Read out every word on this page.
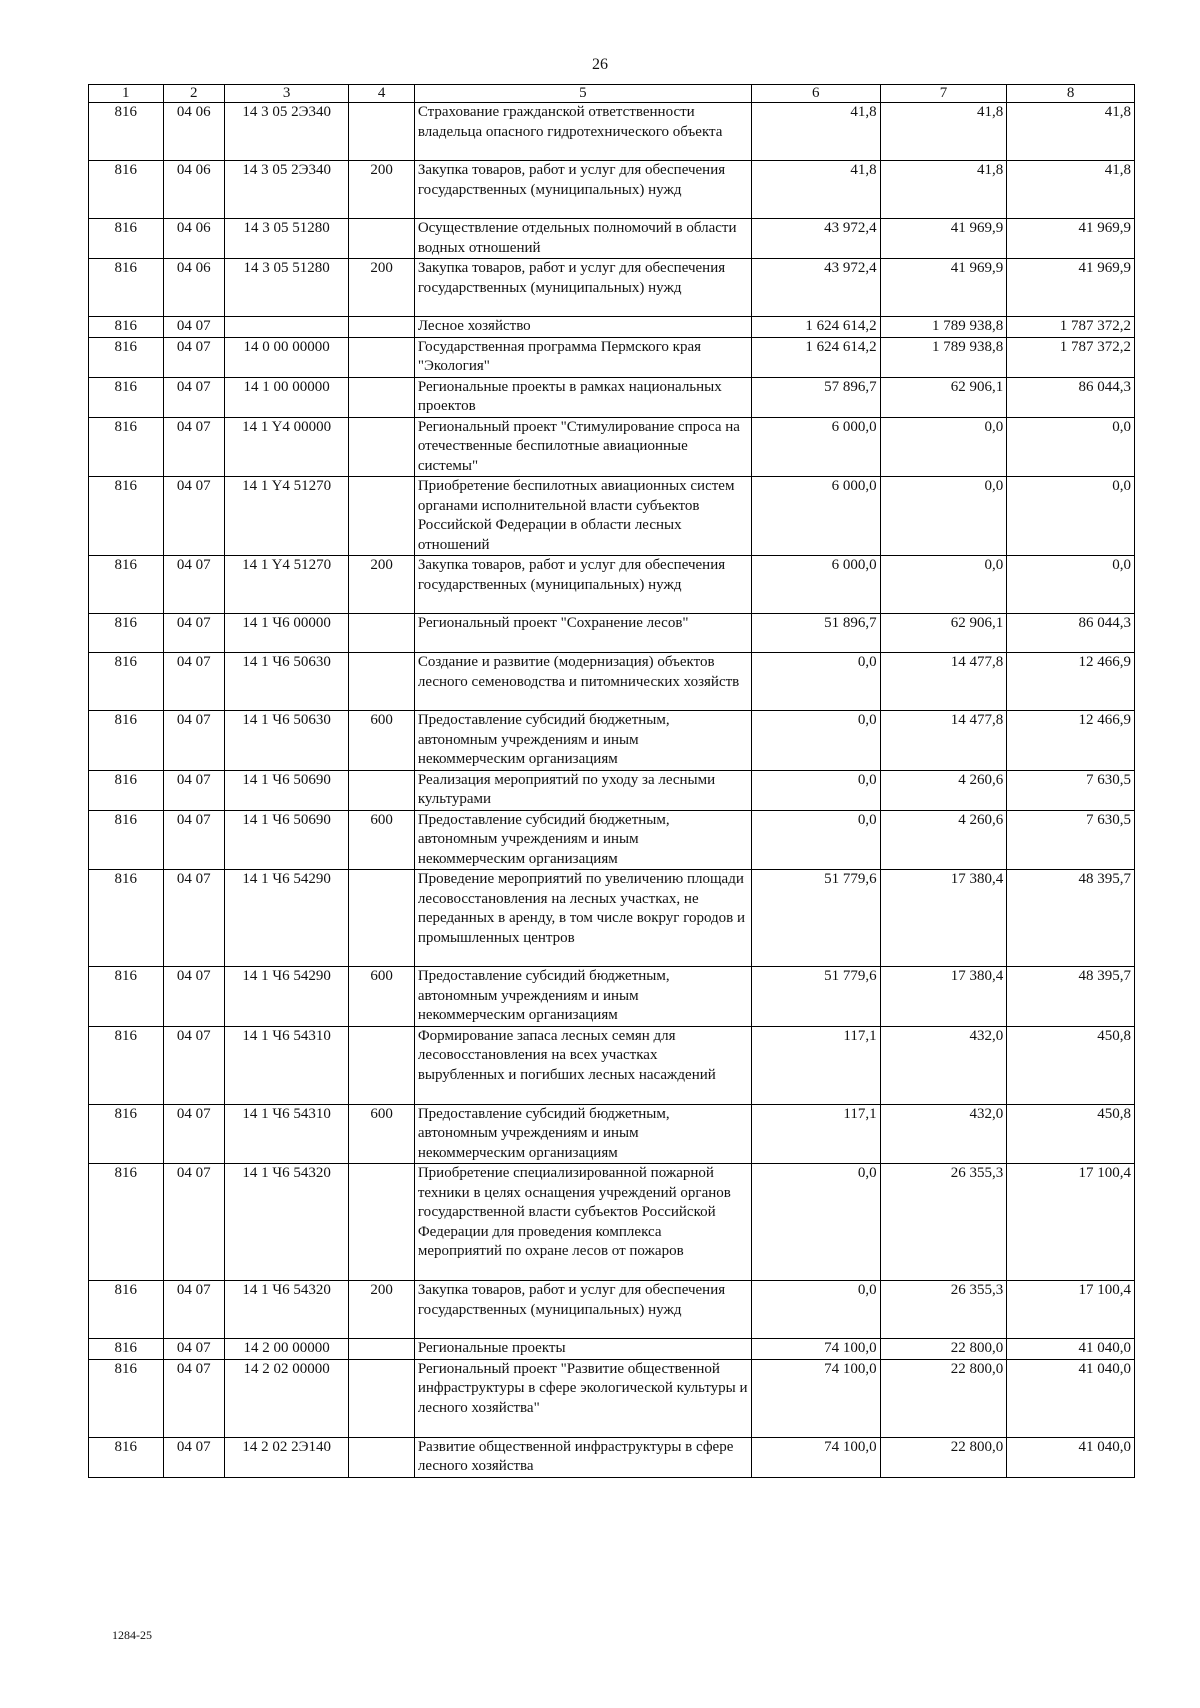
26
1	2	3	4	5	6	7	8
816	04 06	14 3 05 2Э340		Страхование гражданской ответственности владельца опасного гидротехнического объекта	41,8	41,8	41,8
816	04 06	14 3 05 2Э340	200	Закупка товаров, работ и услуг для обеспечения государственных (муниципальных) нужд	41,8	41,8	41,8
816	04 06	14 3 05 51280		Осуществление отдельных полномочий в области водных отношений	43 972,4	41 969,9	41 969,9
816	04 06	14 3 05 51280	200	Закупка товаров, работ и услуг для обеспечения государственных (муниципальных) нужд	43 972,4	41 969,9	41 969,9
816	04 07			Лесное хозяйство	1 624 614,2	1 789 938,8	1 787 372,2
816	04 07	14 0 00 00000		Государственная программа Пермского края "Экология"	1 624 614,2	1 789 938,8	1 787 372,2
816	04 07	14 1 00 00000		Региональные проекты в рамках национальных проектов	57 896,7	62 906,1	86 044,3
816	04 07	14 1 Y4 00000		Региональный проект "Стимулирование спроса на отечественные беспилотные авиационные системы"	6 000,0	0,0	0,0
816	04 07	14 1 Y4 51270		Приобретение беспилотных авиационных систем органами исполнительной власти субъектов Российской Федерации в области лесных отношений	6 000,0	0,0	0,0
816	04 07	14 1 Y4 51270	200	Закупка товаров, работ и услуг для обеспечения государственных (муниципальных) нужд	6 000,0	0,0	0,0
816	04 07	14 1 Ч6 00000		Региональный проект "Сохранение лесов"	51 896,7	62 906,1	86 044,3
816	04 07	14 1 Ч6 50630		Создание и развитие (модернизация) объектов лесного семеноводства и питомнических хозяйств	0,0	14 477,8	12 466,9
816	04 07	14 1 Ч6 50630	600	Предоставление субсидий бюджетным, автономным учреждениям и иным некоммерческим организациям	0,0	14 477,8	12 466,9
816	04 07	14 1 Ч6 50690		Реализация мероприятий по уходу за лесными культурами	0,0	4 260,6	7 630,5
816	04 07	14 1 Ч6 50690	600	Предоставление субсидий бюджетным, автономным учреждениям и иным некоммерческим организациям	0,0	4 260,6	7 630,5
816	04 07	14 1 Ч6 54290		Проведение мероприятий по увеличению площади лесовосстановления на лесных участках, не переданных в аренду, в том числе вокруг городов и промышленных центров	51 779,6	17 380,4	48 395,7
816	04 07	14 1 Ч6 54290	600	Предоставление субсидий бюджетным, автономным учреждениям и иным некоммерческим организациям	51 779,6	17 380,4	48 395,7
816	04 07	14 1 Ч6 54310		Формирование запаса лесных семян для лесовосстановления на всех участках вырубленных и погибших лесных насаждений	117,1	432,0	450,8
816	04 07	14 1 Ч6 54310	600	Предоставление субсидий бюджетным, автономным учреждениям и иным некоммерческим организациям	117,1	432,0	450,8
816	04 07	14 1 Ч6 54320		Приобретение специализированной пожарной техники в целях оснащения учреждений органов государственной власти субъектов Российской Федерации для проведения комплекса мероприятий по охране лесов от пожаров	0,0	26 355,3	17 100,4
816	04 07	14 1 Ч6 54320	200	Закупка товаров, работ и услуг для обеспечения государственных (муниципальных) нужд	0,0	26 355,3	17 100,4
816	04 07	14 2 00 00000		Региональные проекты	74 100,0	22 800,0	41 040,0
816	04 07	14 2 02 00000		Региональный проект "Развитие общественной инфраструктуры в сфере экологической культуры и лесного хозяйства"	74 100,0	22 800,0	41 040,0
816	04 07	14 2 02 2Э140		Развитие общественной инфраструктуры в сфере лесного хозяйства	74 100,0	22 800,0	41 040,0
1284-25
